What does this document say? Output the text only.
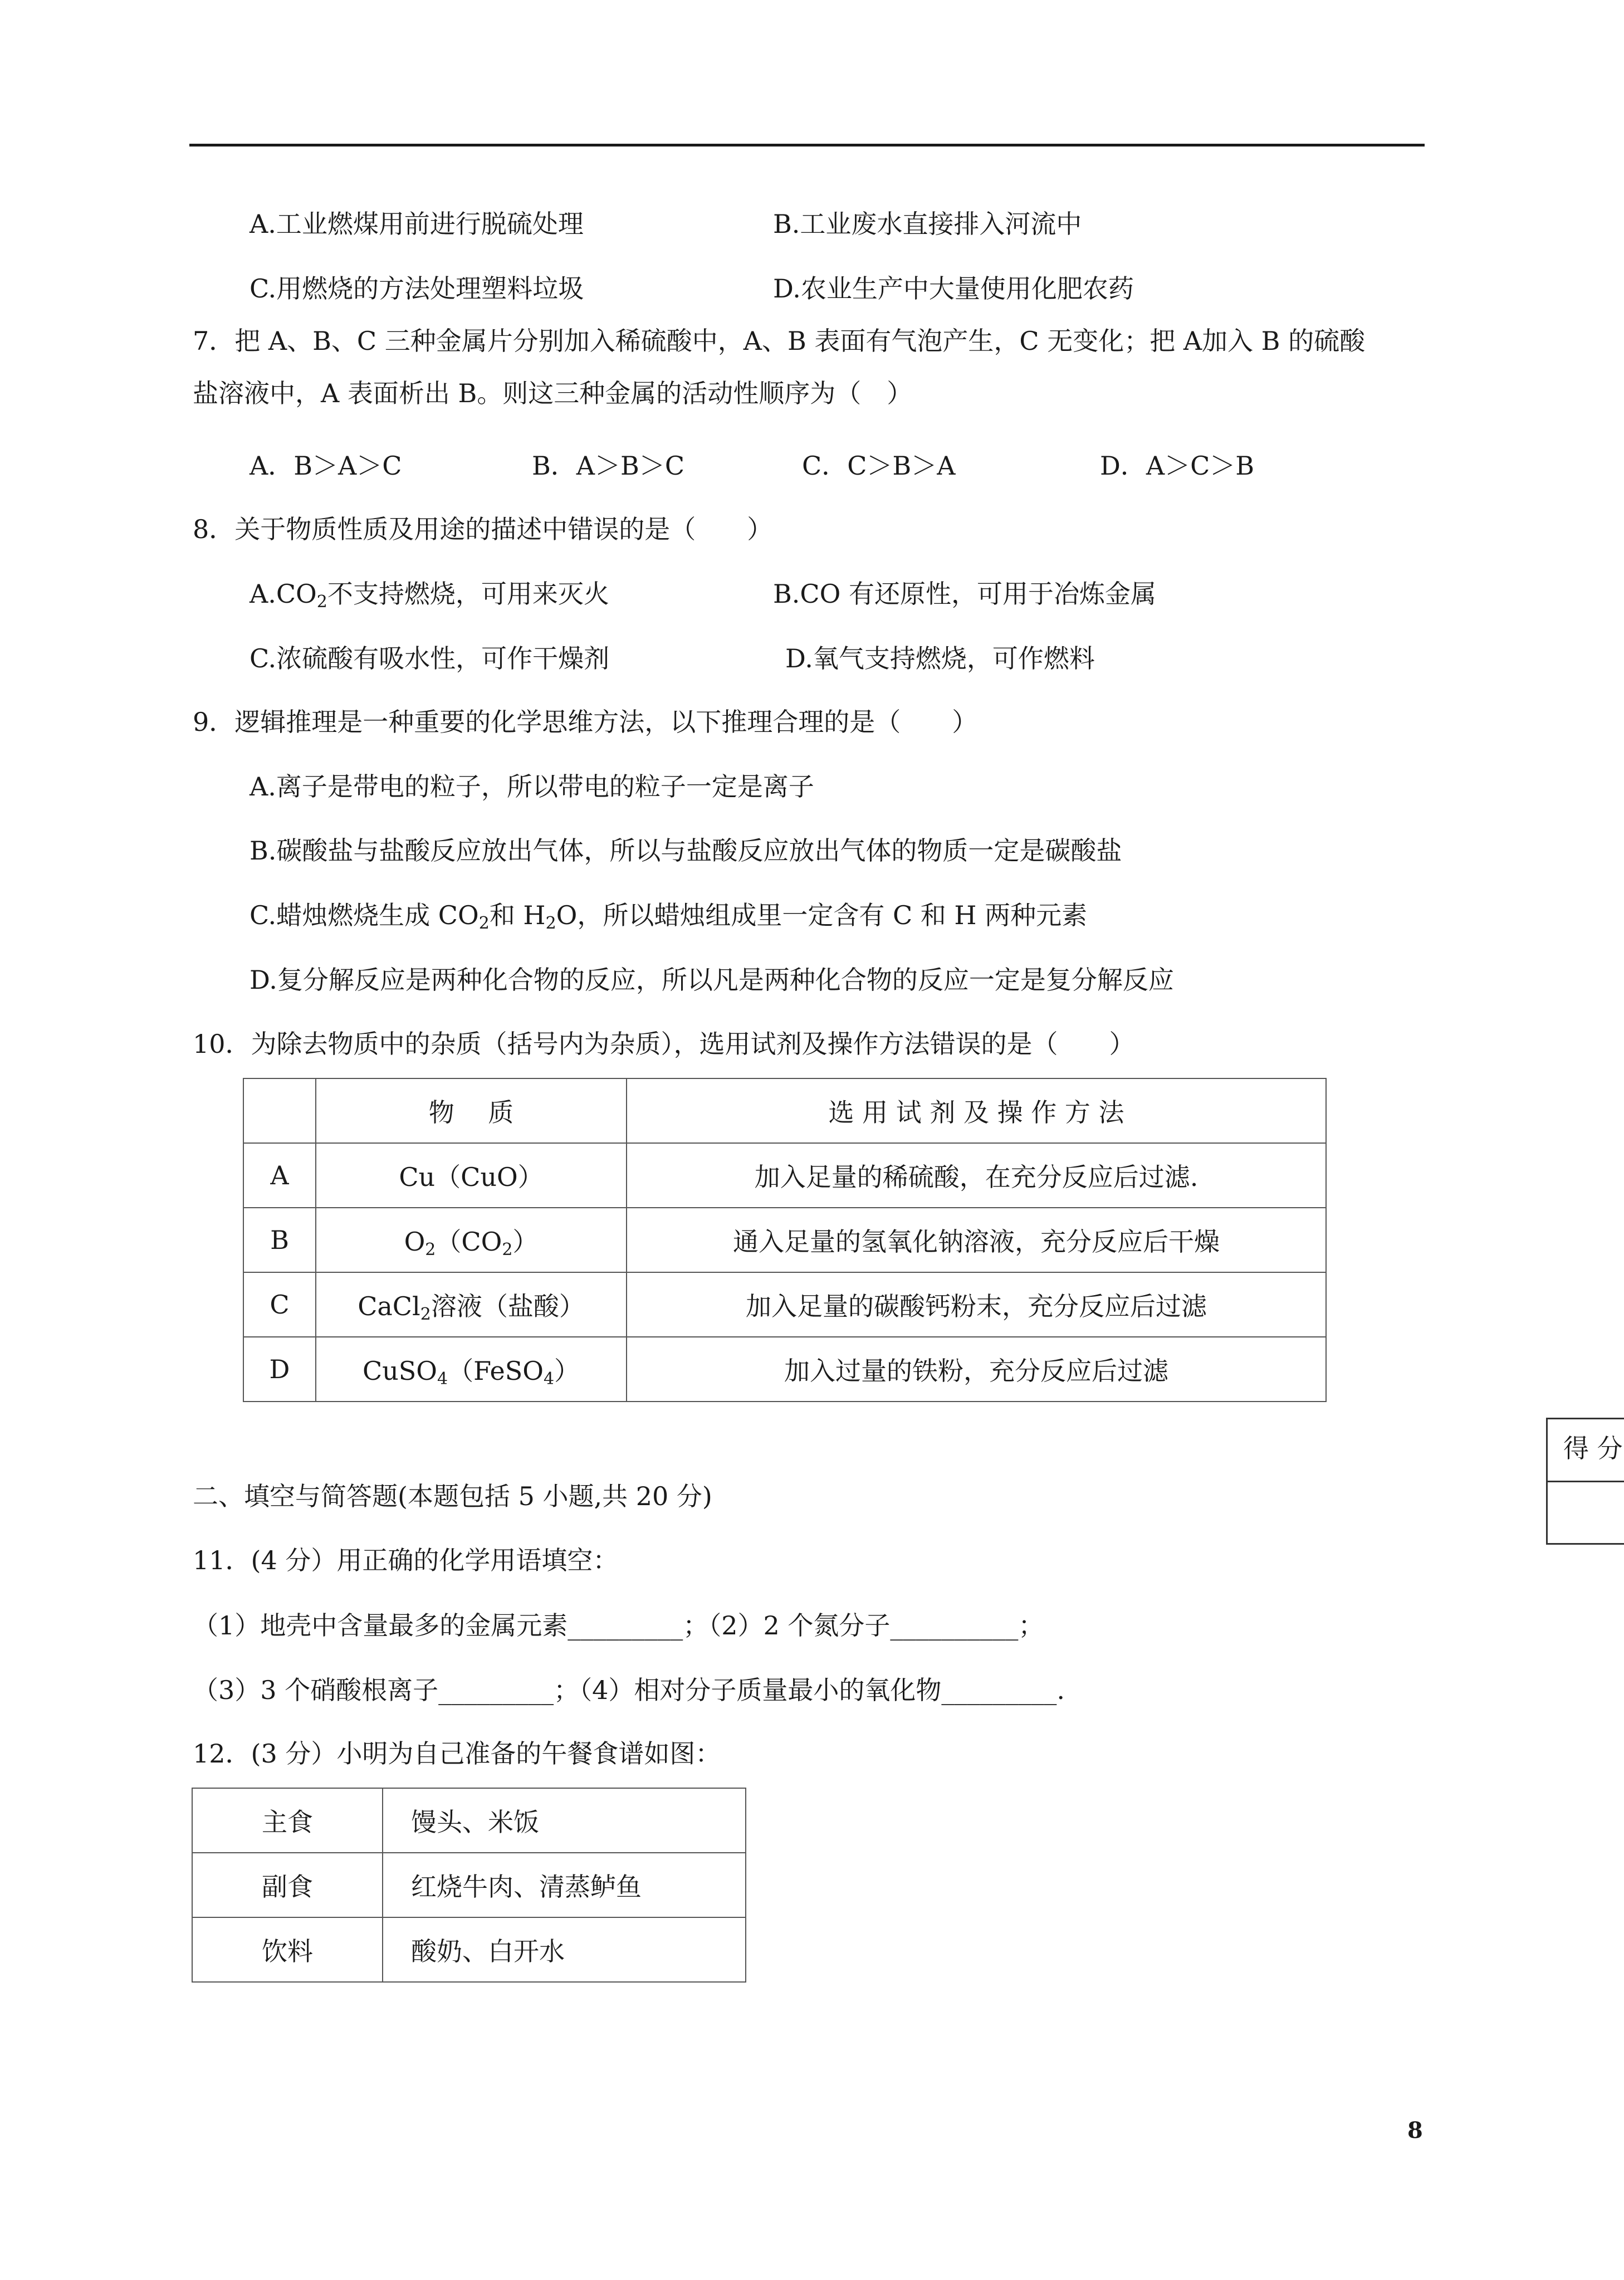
A.工业燃煤用前进行脱硫处理	B.工业废水直接排入河流中
C.用燃烧的方法处理塑料垃圾	D.农业生产中大量使用化肥农药
7．把 A、B、C 三种金属片分别加入稀硫酸中，A、B 表面有气泡产生，C 无变化；把 A加入 B 的硫酸
盐溶液中，A 表面析出 B。则这三种金属的活动性顺序为（　）
A．B＞A＞C	B．A＞B＞C	C．C＞B＞A	D．A＞C＞B
8．关于物质性质及用途的描述中错误的是（　　）
$A.CO_2$不支持燃烧，可用来灭火	B.CO 有还原性，可用于冶炼金属
C.浓硫酸有吸水性，可作干燥剂	D.氧气支持燃烧，可作燃料
9．逻辑推理是一种重要的化学思维方法，以下推理合理的是（　　）
A.离子是带电的粒子，所以带电的粒子一定是离子
B.碳酸盐与盐酸反应放出气体，所以与盐酸反应放出气体的物质一定是碳酸盐
C.蜡烛燃烧生成 $CO_2$和 $H_2O$，所以蜡烛组成里一定含有 C 和 H 两种元素
D.复分解反应是两种化合物的反应，所以凡是两种化合物的反应一定是复分解反应
10．为除去物质中的杂质（括号内为杂质），选用试剂及操作方法错误的是（　　）
	物　 质	选 用 试 剂 及 操 作 方 法
A	Cu（CuO）	加入足量的稀硫酸，在充分反应后过滤.
B	$O_2(CO_2)$	通入足量的氢氧化钠溶液，充分反应后干燥
C	CaCl$_2$溶液（盐酸）	加入足量的碳酸钙粉末，充分反应后过滤
D	CuSO$_4$（FeSO$_4$）	加入过量的铁粉，充分反应后过滤
得 分
二、填空与简答题(本题包括 5 小题,共 20 分)
11．(4 分）用正确的化学用语填空：
（1）地壳中含量最多的金属元素_________；（2）2 个氮分子__________；
（3）3 个硝酸根离子_________；（4）相对分子质量最小的氧化物_________.
12．(3 分）小明为自己准备的午餐食谱如图：
主食	馒头、米饭
副食	红烧牛肉、清蒸鲈鱼
饮料	酸奶、白开水
8
